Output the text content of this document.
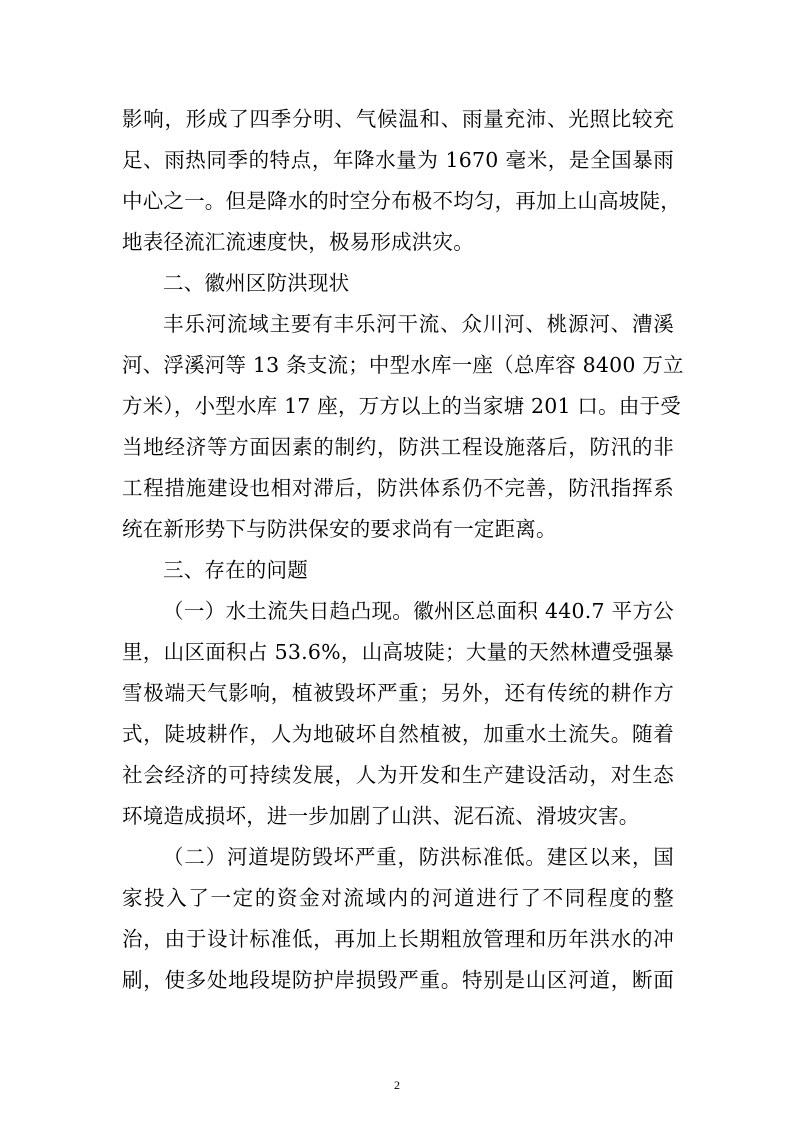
影响，形成了四季分明、气候温和、雨量充沛、光照比较充
足、雨热同季的特点，年降水量为 1670 毫米，是全国暴雨
中心之一。但是降水的时空分布极不均匀，再加上山高坡陡，
地表径流汇流速度快，极易形成洪灾。
二、徽州区防洪现状
丰乐河流域主要有丰乐河干流、众川河、桃源河、漕溪
河、浮溪河等 13 条支流；中型水库一座（总库容 8400 万立
方米），小型水库 17 座，万方以上的当家塘 201 口。由于受
当地经济等方面因素的制约，防洪工程设施落后，防汛的非
工程措施建设也相对滞后，防洪体系仍不完善，防汛指挥系
统在新形势下与防洪保安的要求尚有一定距离。
三、存在的问题
（一）水土流失日趋凸现。徽州区总面积 440.7 平方公
里，山区面积占 53.6%，山高坡陡；大量的天然林遭受强暴
雪极端天气影响，植被毁坏严重；另外，还有传统的耕作方
式，陡坡耕作，人为地破坏自然植被，加重水土流失。随着
社会经济的可持续发展，人为开发和生产建设活动，对生态
环境造成损坏，进一步加剧了山洪、泥石流、滑坡灾害。
（二）河道堤防毁坏严重，防洪标准低。建区以来，国
家投入了一定的资金对流域内的河道进行了不同程度的整
治，由于设计标准低，再加上长期粗放管理和历年洪水的冲
刷，使多处地段堤防护岸损毁严重。特别是山区河道，断面
2
